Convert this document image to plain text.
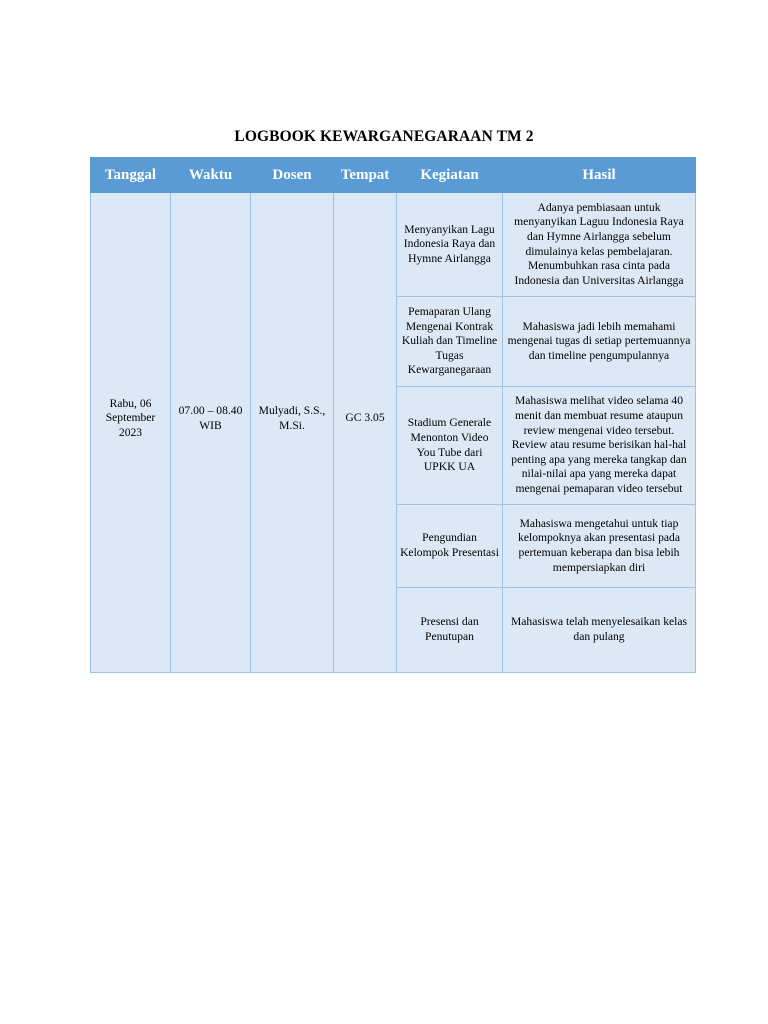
LOGBOOK KEWARGANEGARAAN TM 2
Tanggal	Waktu	Dosen	Tempat	Kegiatan	Hasil
Rabu, 06 September 2023	07.00 – 08.40 WIB	Mulyadi, S.S., M.Si.	GC 3.05	Menyanyikan Lagu Indonesia Raya dan Hymne Airlangga	Adanya pembiasaan untuk menyanyikan Laguu Indonesia Raya dan Hymne Airlangga sebelum dimulainya kelas pembelajaran. Menumbuhkan rasa cinta pada Indonesia dan Universitas Airlangga
				Pemaparan Ulang Mengenai Kontrak Kuliah dan Timeline Tugas Kewarganegaraan	Mahasiswa jadi lebih memahami mengenai tugas di setiap pertemuannya dan timeline pengumpulannya
				Stadium Generale Menonton Video You Tube dari UPKK UA	Mahasiswa melihat video selama 40 menit dan membuat resume ataupun review mengenai video tersebut. Review atau resume berisikan hal-hal penting apa yang mereka tangkap dan nilai-nilai apa yang mereka dapat mengenai pemaparan video tersebut
				Pengundian Kelompok Presentasi	Mahasiswa mengetahui untuk tiap kelompoknya akan presentasi pada pertemuan keberapa dan bisa lebih mempersiapkan diri
				Presensi dan Penutupan	Mahasiswa telah menyelesaikan kelas dan pulang
